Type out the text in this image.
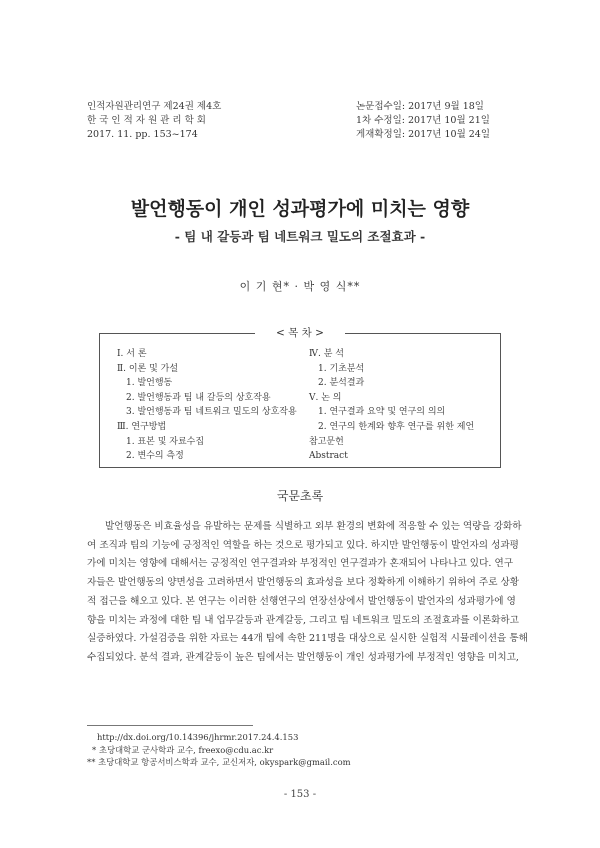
인적자원관리연구 제24권 제4호
한 국 인 적 자 원 관 리 학 회
2017. 11. pp. 153~174
논문접수일: 2017년 9월 18일
1차 수정일: 2017년 10월 21일
게재확정일: 2017년 10월 24일
발언행동이 개인 성과평가에 미치는 영향
- 팀 내 갈등과 팀 네트워크 밀도의 조절효과 -
이 기 현* · 박 영 식**
< 목 차 >
Ⅰ. 서 론
Ⅱ. 이론 및 가설
1. 발언행동
2. 발언행동과 팀 내 갈등의 상호작용
3. 발언행동과 팀 네트워크 밀도의 상호작용
Ⅲ. 연구방법
1. 표본 및 자료수집
2. 변수의 측정
Ⅳ. 분 석
1. 기초분석
2. 분석결과
Ⅴ. 논 의
1. 연구결과 요약 및 연구의 의의
2. 연구의 한계와 향후 연구를 위한 제언
참고문헌
Abstract
국문초록
발언행동은 비효율성을 유발하는 문제를 식별하고 외부 환경의 변화에 적응할 수 있는 역량을 강화하
여 조직과 팀의 기능에 긍정적인 역할을 하는 것으로 평가되고 있다. 하지만 발언행동이 발언자의 성과평
가에 미치는 영향에 대해서는 긍정적인 연구결과와 부정적인 연구결과가 혼재되어 나타나고 있다. 연구
자들은 발언행동의 양면성을 고려하면서 발언행동의 효과성을 보다 정확하게 이해하기 위하여 주로 상황
적 접근을 해오고 있다. 본 연구는 이러한 선행연구의 연장선상에서 발언행동이 발언자의 성과평가에 영
향을 미치는 과정에 대한 팀 내 업무갈등과 관계갈등, 그리고 팀 네트워크 밀도의 조절효과를 이론화하고
실증하였다. 가설검증을 위한 자료는 44개 팀에 속한 211명을 대상으로 실시한 실험적 시뮬레이션을 통해
수집되었다. 분석 결과, 관계갈등이 높은 팀에서는 발언행동이 개인 성과평가에 부정적인 영향을 미치고,
http://dx.doi.org/10.14396/jhrmr.2017.24.4.153
* 초당대학교 군사학과 교수, freexo@cdu.ac.kr
** 초당대학교 항공서비스학과 교수, 교신저자, okyspark@gmail.com
- 153 -
